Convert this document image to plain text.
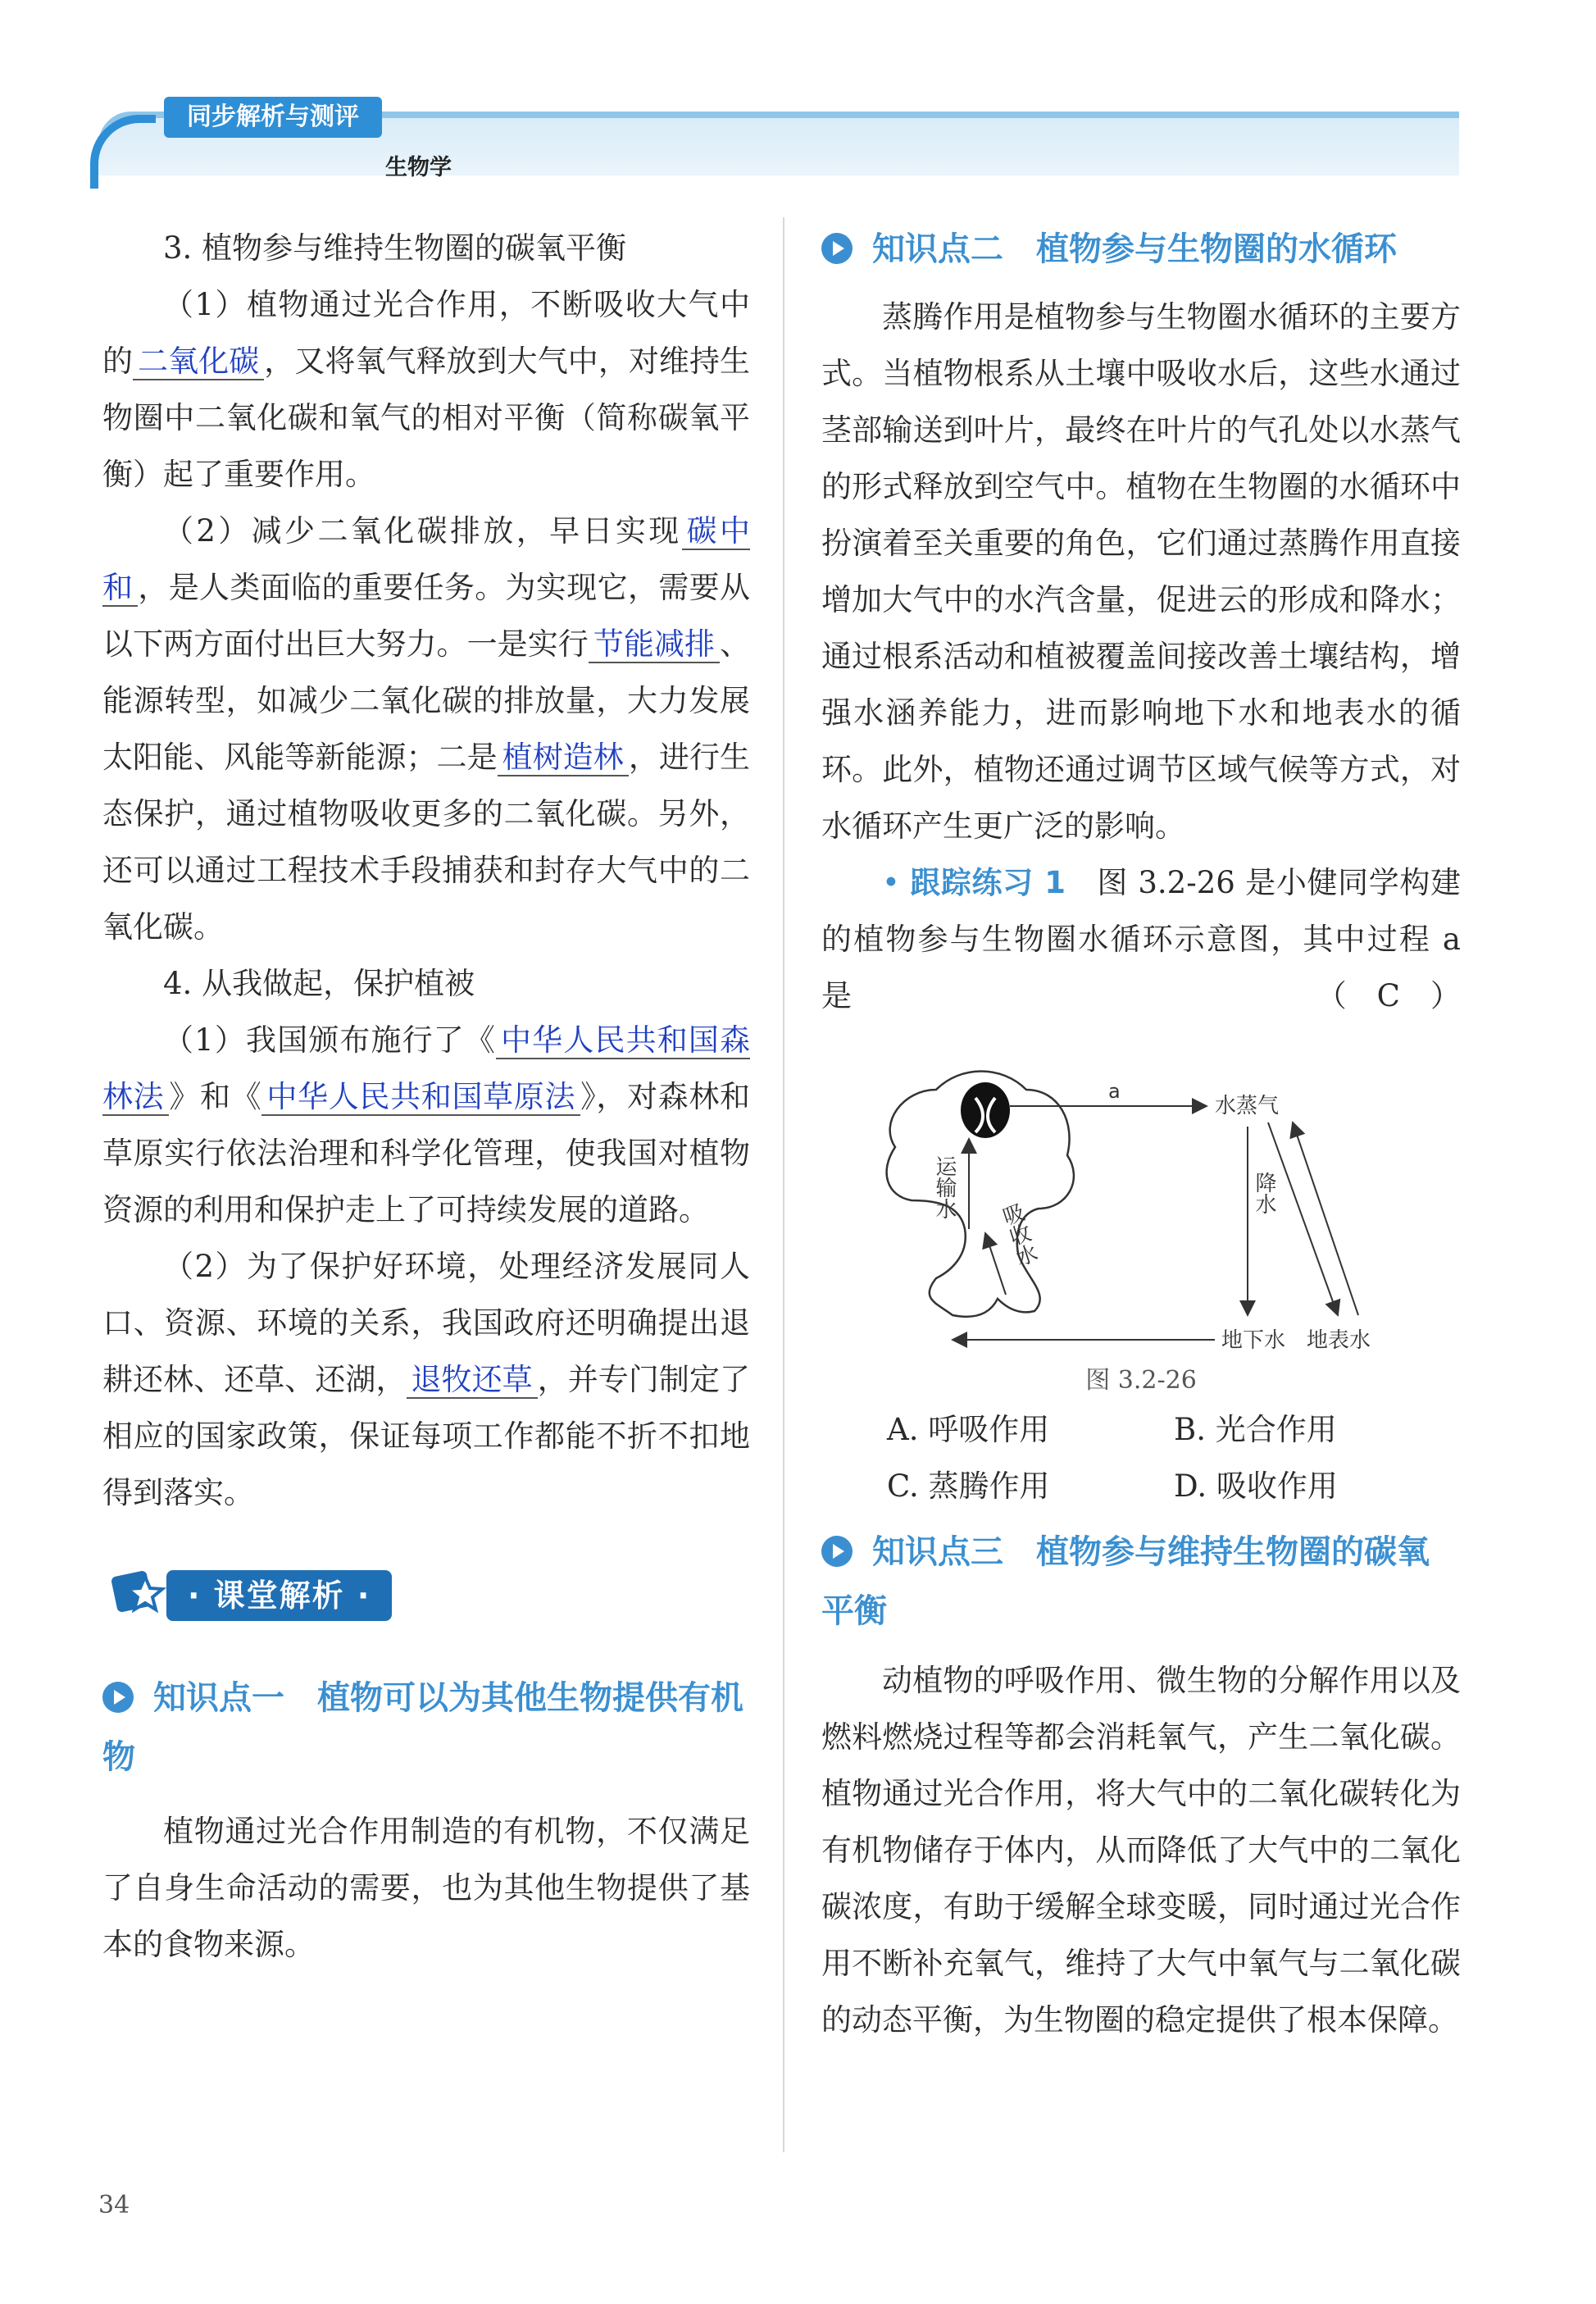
同步解析与测评
生物学

3. 植物参与维持生物圈的碳氧平衡

（1）植物通过光合作用，不断吸收大气中的 二氧化碳 ，又将氧气释放到大气中，对维持生物圈中二氧化碳和氧气的相对平衡（简称碳氧平衡）起了重要作用。

（2）减少二氧化碳排放，早日实现 碳中和 ，是人类面临的重要任务。为实现它，需要从以下两方面付出巨大努力。一是实行 节能减排 、能源转型，如减少二氧化碳的排放量，大力发展太阳能、风能等新能源；二是 植树造林 ，进行生态保护，通过植物吸收更多的二氧化碳。另外，还可以通过工程技术手段捕获和封存大气中的二氧化碳。

4. 从我做起，保护植被

（1）我国颁布施行了《 中华人民共和国森林法 》和《 中华人民共和国草原法 》，对森林和草原实行依法治理和科学化管理，使我国对植物资源的利用和保护走上了可持续发展的道路。

（2）为了保护好环境，处理经济发展同人口、资源、环境的关系，我国政府还明确提出退耕还林、还草、还湖， 退牧还草 ，并专门制定了相应的国家政策，保证每项工作都能不折不扣地得到落实。

· 课堂解析 ·
知识点一　植物可以为其他生物提供有机物

植物通过光合作用制造的有机物，不仅满足了自身生命活动的需要，也为其他生物提供了基本的食物来源。

知识点二　植物参与生物圈的水循环

蒸腾作用是植物参与生物圈水循环的主要方式。当植物根系从土壤中吸收水后，这些水通过茎部输送到叶片，最终在叶片的气孔处以水蒸气的形式释放到空气中。植物在生物圈的水循环中扮演着至关重要的角色，它们通过蒸腾作用直接增加大气中的水汽含量，促进云的形成和降水；通过根系活动和植被覆盖间接改善土壤结构，增强水涵养能力，进而影响地下水和地表水的循环。此外，植物还通过调节区域气候等方式，对水循环产生更广泛的影响。

• 跟踪练习 1　 图 3.2-26 是小健同学构建的植物参与生物圈水循环示意图，其中过程 a 是	（　C　）

a
水蒸气
运输水
吸收水
降水
地下水 地表水
图 3.2-26
A. 呼吸作用	B. 光合作用
C. 蒸腾作用	D. 吸收作用
知识点三　植物参与维持生物圈的碳氧平衡

动植物的呼吸作用、微生物的分解作用以及燃料燃烧过程等都会消耗氧气，产生二氧化碳。植物通过光合作用，将大气中的二氧化碳转化为有机物储存于体内，从而降低了大气中的二氧化碳浓度，有助于缓解全球变暖，同时通过光合作用不断补充氧气，维持了大气中氧气与二氧化碳的动态平衡，为生物圈的稳定提供了根本保障。

34
